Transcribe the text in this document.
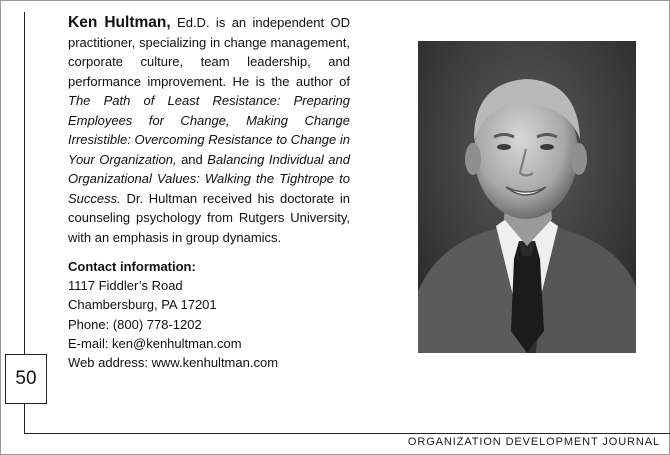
50
ORGANIZATION DEVELOPMENT JOURNAL
Ken Hultman, Ed.D. is an independent OD practitioner, specializing in change management, corporate culture, team leadership, and performance improvement. He is the author of The Path of Least Resistance: Preparing Employees for Change, Making Change Irresistible: Overcoming Resistance to Change in Your Organization, and Balancing Individual and Organizational Values: Walking the Tightrope to Success. Dr. Hultman received his doctorate in counseling psychology from Rutgers University, with an emphasis in group dynamics.
Contact information:
1117 Fiddler’s Road
Chambersburg, PA 17201
Phone: (800) 778-1202
E-mail: ken@kenhultman.com
Web address: www.kenhultman.com
